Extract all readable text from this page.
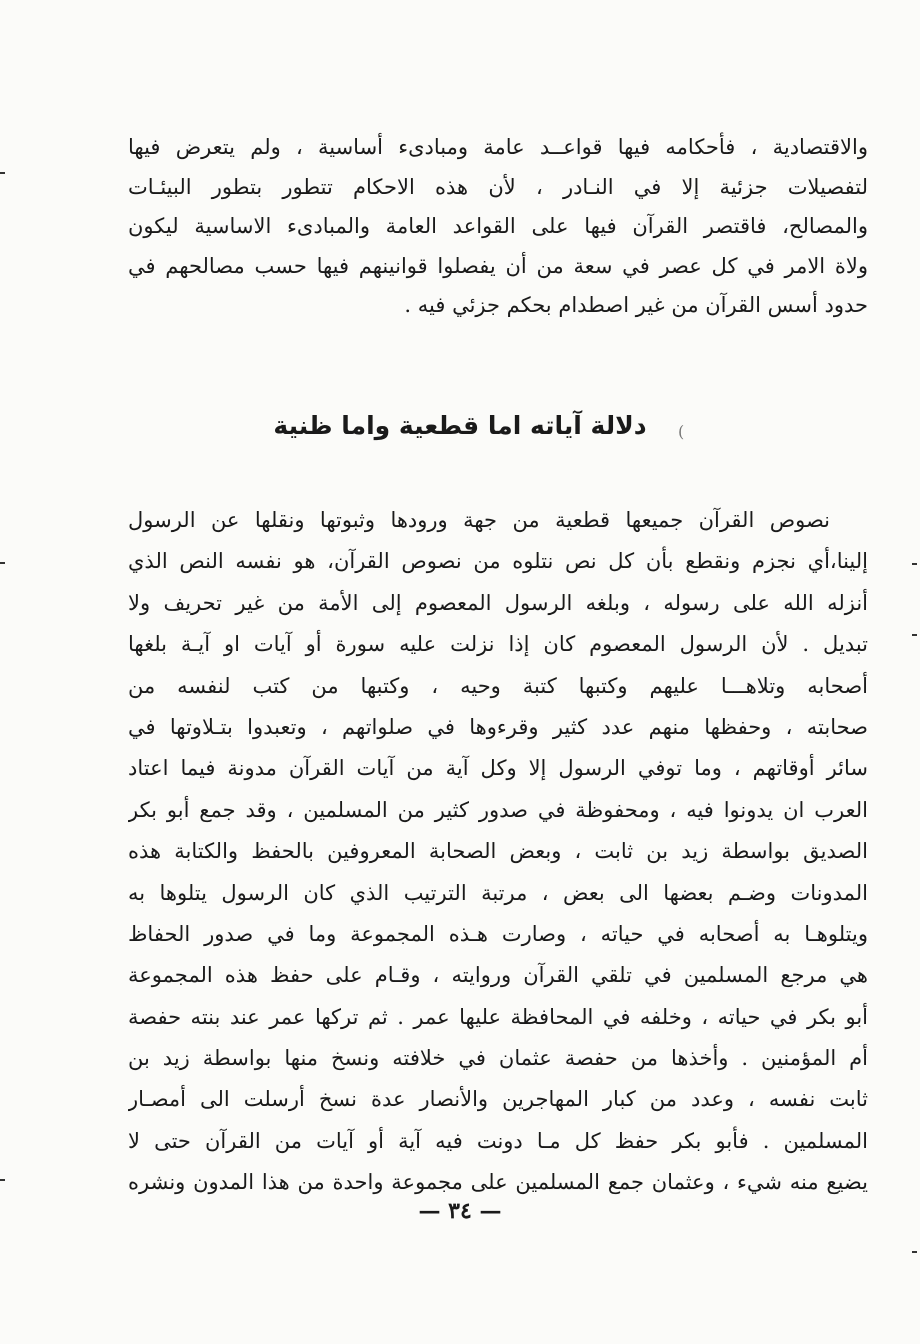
والاقتصادية ، فأحكامه فيها قواعــد عامة ومبادىء أساسية ، ولم يتعرض فيها
لتفصيلات جزئية إلا في النـادر ، لأن هذه الاحكام تتطور بتطور البيئـات
والمصالح، فاقتصر القرآن فيها على القواعد العامة والمبادىء الاساسية ليكون
ولاة الامر في كل عصر في سعة من أن يفصلوا قوانينهم فيها حسب مصالحهم في
حدود أسس القرآن من غير اصطدام بحكم جزئي فيه .
دلالة آياته اما قطعية واما ظنية	(
نصوص القرآن جميعها قطعية من جهة ورودها وثبوتها ونقلها عن الرسول
إلينا،أي نجزم ونقطع بأن كل نص نتلوه من نصوص القرآن، هو نفسه النص الذي
أنزله الله على رسوله ، وبلغه الرسول المعصوم إلى الأمة من غير تحريف ولا
تبديل . لأن الرسول المعصوم كان إذا نزلت عليه سورة أو آيات او آيـة بلغها
أصحابه وتلاهـــا عليهم وكتبها كتبة وحيه ، وكتبها من كتب لنفسه من
صحابته ، وحفظها منهم عدد كثير وقرءوها في صلواتهم ، وتعبدوا بتـلاوتها في
سائر أوقاتهم ، وما توفي الرسول إلا وكل آية من آيات القرآن مدونة فيما اعتاد
العرب ان يدونوا فيه ، ومحفوظة في صدور كثير من المسلمين ، وقد جمع أبو بكر
الصديق بواسطة زيد بن ثابت ، وبعض الصحابة المعروفين بالحفظ والكتابة هذه
المدونات وضـم بعضها الى بعض ، مرتبة الترتيب الذي كان الرسول يتلوها به
ويتلوهـا به أصحابه في حياته ، وصارت هـذه المجموعة وما في صدور الحفاظ
هي مرجع المسلمين في تلقي القرآن وروايته ، وقـام على حفظ هذه المجموعة
أبو بكر في حياته ، وخلفه في المحافظة عليها عمر . ثم تركها عمر عند بنته حفصة
أم المؤمنين . وأخذها من حفصة عثمان في خلافته ونسخ منها بواسطة زيد بن
ثابت نفسه ، وعدد من كبار المهاجرين والأنصار عدة نسخ أرسلت الى أمصـار
المسلمين . فأبو بكر حفظ كل مـا دونت فيه آية أو آيات من القرآن حتى لا
يضيع منه شيء ، وعثمان جمع المسلمين على مجموعة واحدة من هذا المدون ونشره
— ٣٤ —
